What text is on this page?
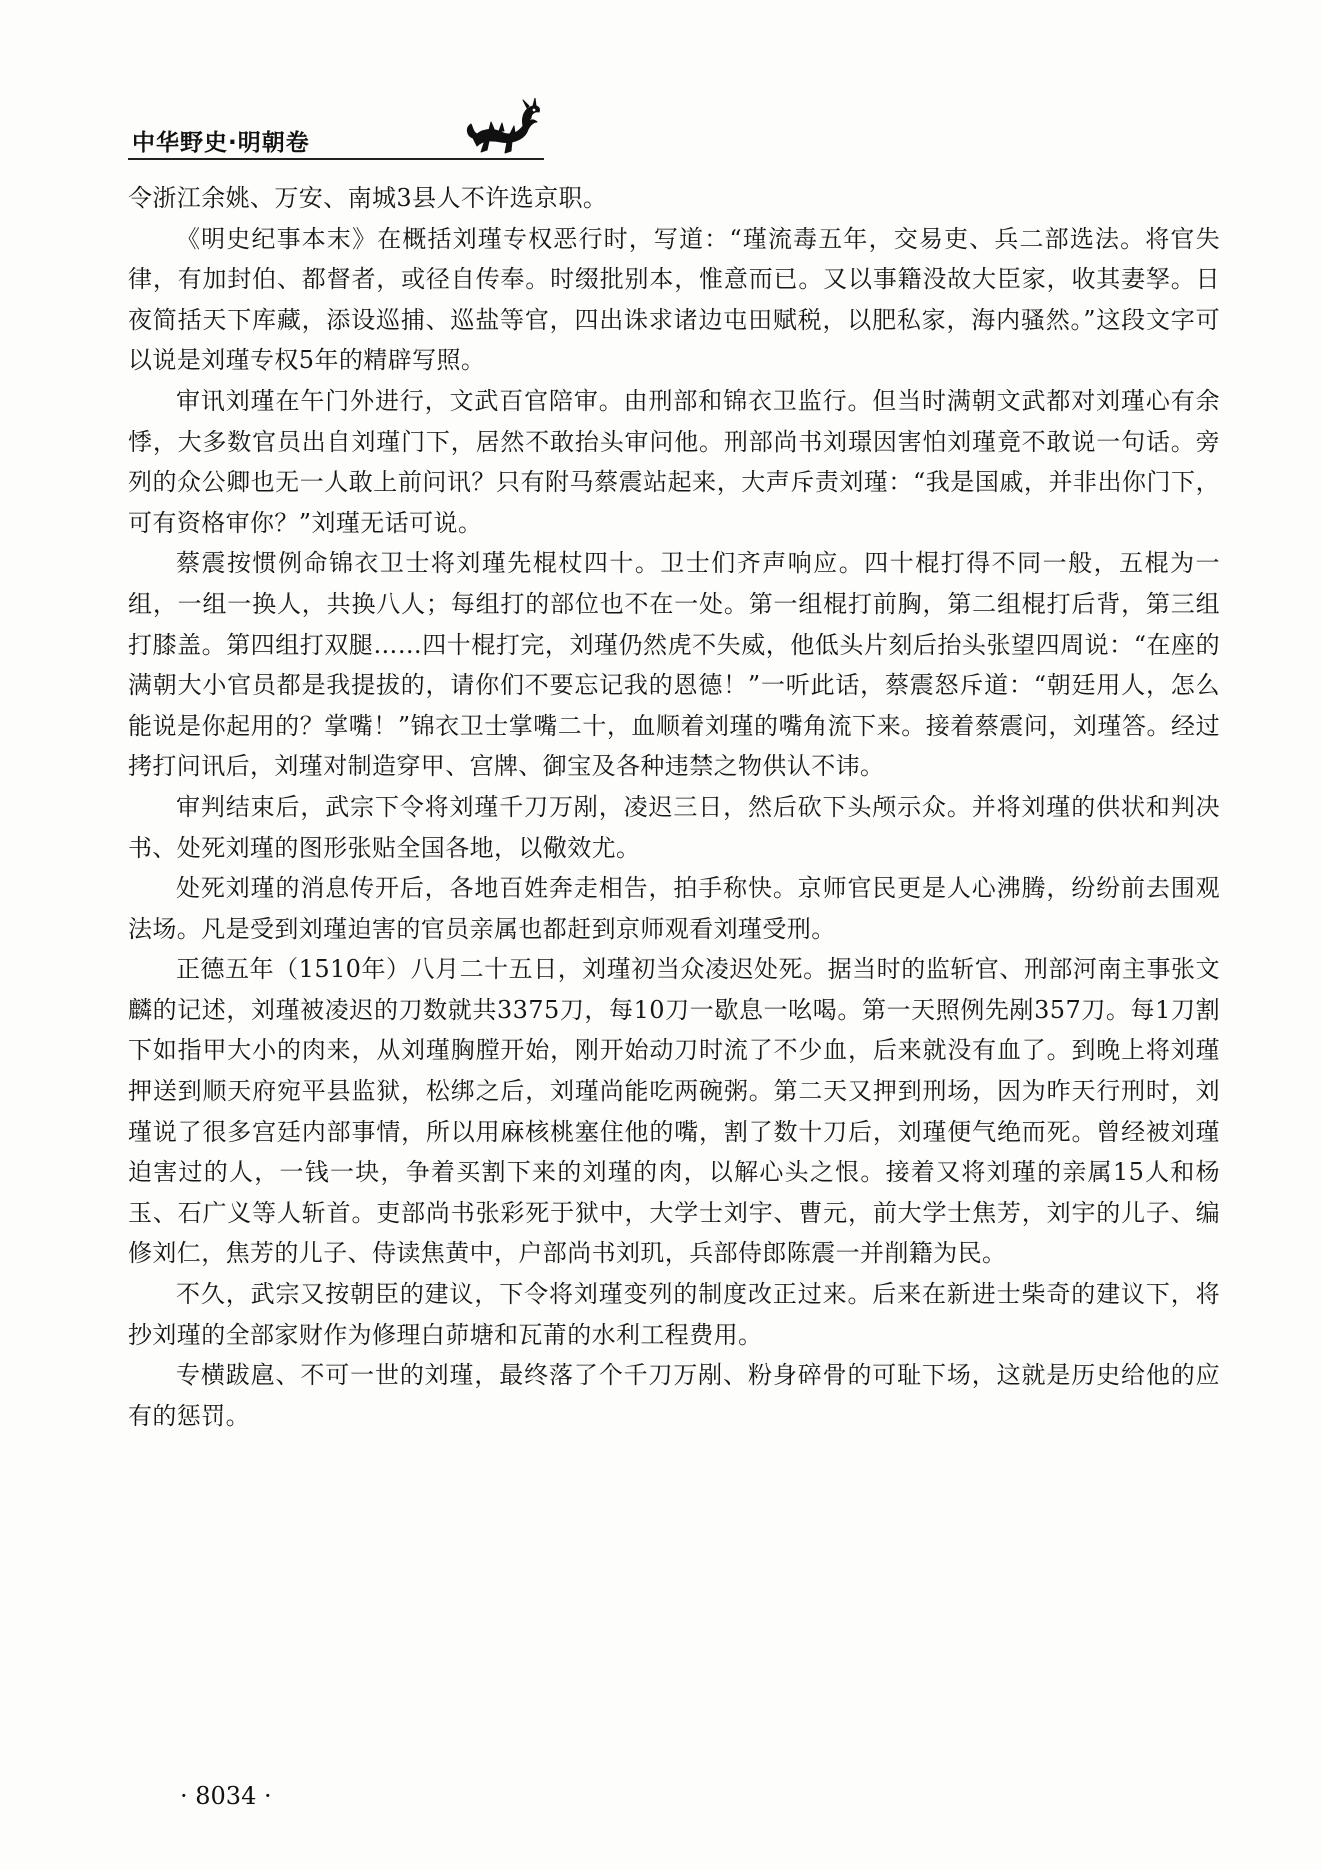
中华野史·明朝卷

令浙江余姚、万安、南城3县人不许选京职。

《明史纪事本末》在概括刘瑾专权恶行时，写道：“瑾流毒五年，交易吏、兵二部选法。将官失律，有加封伯、都督者，或径自传奉。时缀批别本，惟意而已。又以事籍没故大臣家，收其妻孥。日夜简括天下库藏，添设巡捕、巡盐等官，四出诛求诸边屯田赋税，以肥私家，海内骚然。”这段文字可以说是刘瑾专权5年的精辟写照。

审讯刘瑾在午门外进行，文武百官陪审。由刑部和锦衣卫监行。但当时满朝文武都对刘瑾心有余悸，大多数官员出自刘瑾门下，居然不敢抬头审问他。刑部尚书刘璟因害怕刘瑾竟不敢说一句话。旁列的众公卿也无一人敢上前问讯？只有附马蔡震站起来，大声斥责刘瑾：“我是国戚，并非出你门下，可有资格审你？”刘瑾无话可说。

蔡震按惯例命锦衣卫士将刘瑾先棍杖四十。卫士们齐声响应。四十棍打得不同一般，五棍为一组，一组一换人，共换八人；每组打的部位也不在一处。第一组棍打前胸，第二组棍打后背，第三组打膝盖。第四组打双腿……四十棍打完，刘瑾仍然虎不失威，他低头片刻后抬头张望四周说：“在座的满朝大小官员都是我提拔的，请你们不要忘记我的恩德！”一听此话，蔡震怒斥道：“朝廷用人，怎么能说是你起用的？掌嘴！”锦衣卫士掌嘴二十，血顺着刘瑾的嘴角流下来。接着蔡震问，刘瑾答。经过拷打问讯后，刘瑾对制造穿甲、宫牌、御宝及各种违禁之物供认不讳。

审判结束后，武宗下令将刘瑾千刀万剐，凌迟三日，然后砍下头颅示众。并将刘瑾的供状和判决书、处死刘瑾的图形张贴全国各地，以儆效尤。

处死刘瑾的消息传开后，各地百姓奔走相告，拍手称快。京师官民更是人心沸腾，纷纷前去围观法场。凡是受到刘瑾迫害的官员亲属也都赶到京师观看刘瑾受刑。

正德五年（1510年）八月二十五日，刘瑾初当众凌迟处死。据当时的监斩官、刑部河南主事张文麟的记述，刘瑾被凌迟的刀数就共3375刀，每10刀一歇息一吆喝。第一天照例先剐357刀。每1刀割下如指甲大小的肉来，从刘瑾胸膛开始，刚开始动刀时流了不少血，后来就没有血了。到晚上将刘瑾押送到顺天府宛平县监狱，松绑之后，刘瑾尚能吃两碗粥。第二天又押到刑场，因为昨天行刑时，刘瑾说了很多宫廷内部事情，所以用麻核桃塞住他的嘴，割了数十刀后，刘瑾便气绝而死。曾经被刘瑾迫害过的人，一钱一块，争着买割下来的刘瑾的肉，以解心头之恨。接着又将刘瑾的亲属15人和杨玉、石广义等人斩首。吏部尚书张彩死于狱中，大学士刘宇、曹元，前大学士焦芳，刘宇的儿子、编修刘仁，焦芳的儿子、侍读焦黄中，户部尚书刘玑，兵部侍郎陈震一并削籍为民。

不久，武宗又按朝臣的建议，下令将刘瑾变列的制度改正过来。后来在新进士柴奇的建议下，将抄刘瑾的全部家财作为修理白茆塘和瓦莆的水利工程费用。

专横跋扈、不可一世的刘瑾，最终落了个千刀万剐、粉身碎骨的可耻下场，这就是历史给他的应有的惩罚。

· 8034 ·
